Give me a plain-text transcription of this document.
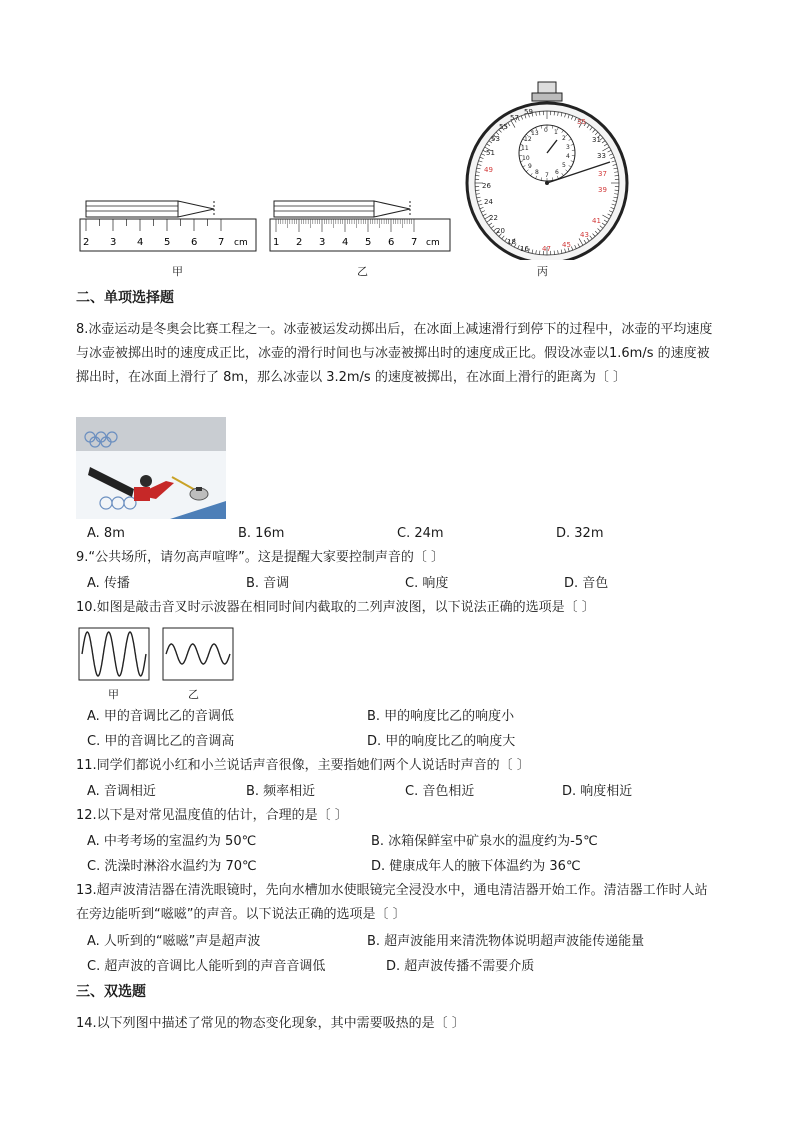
2 3 4 5 6 7 cm
甲
1 2 3 4 5 6 7 cm
乙
0 1
2
3
4
5
6
7
8
9
10
11
12
13
26
24
22
20
18
16
51
53
55
57
59
31
33
37
41
43
45
47
49
35
39
丙
二、单项选择题
8.冰壶运动是冬奥会比赛工程之一。冰壶被运发动掷出后，在冰面上减速滑行到停下的过程中，冰壶的平均速度与冰壶被掷出时的速度成正比，冰壶的滑行时间也与冰壶被掷出时的速度成正比。假设冰壶以1.6m/s 的速度被掷出时，在冰面上滑行了 8m，那么冰壶以 3.2m/s 的速度被掷出，在冰面上滑行的距离为〔 〕
A. 8m	B. 16m	C. 24m	D. 32m
9.“公共场所，请勿高声喧哗”。这是提醒大家要控制声音的〔 〕
A. 传播	B. 音调	C. 响度	D. 音色
10.如图是敲击音叉时示波器在相同时间内截取的二列声波图，以下说法正确的选项是〔 〕
甲	乙
A. 甲的音调比乙的音调低	B. 甲的响度比乙的响度小
C. 甲的音调比乙的音调高	D. 甲的响度比乙的响度大
11.同学们都说小红和小兰说话声音很像，主要指她们两个人说话时声音的〔 〕
A. 音调相近	B. 频率相近	C. 音色相近	D. 响度相近
12.以下是对常见温度值的估计，合理的是〔 〕
A. 中考考场的室温约为 50℃	B. 冰箱保鲜室中矿泉水的温度约为-5℃
C. 洗澡时淋浴水温约为 70℃	D. 健康成年人的腋下体温约为 36℃
13.超声波清洁器在清洗眼镜时，先向水槽加水使眼镜完全浸没水中，通电清洁器开始工作。清洁器工作时人站在旁边能听到“嗞嗞”的声音。以下说法正确的选项是〔 〕
A. 人听到的“嗞嗞”声是超声波	B. 超声波能用来清洗物体说明超声波能传递能量
C. 超声波的音调比人能听到的声音音调低	D. 超声波传播不需要介质
三、双选题
14.以下列图中描述了常见的物态变化现象，其中需要吸热的是〔 〕
